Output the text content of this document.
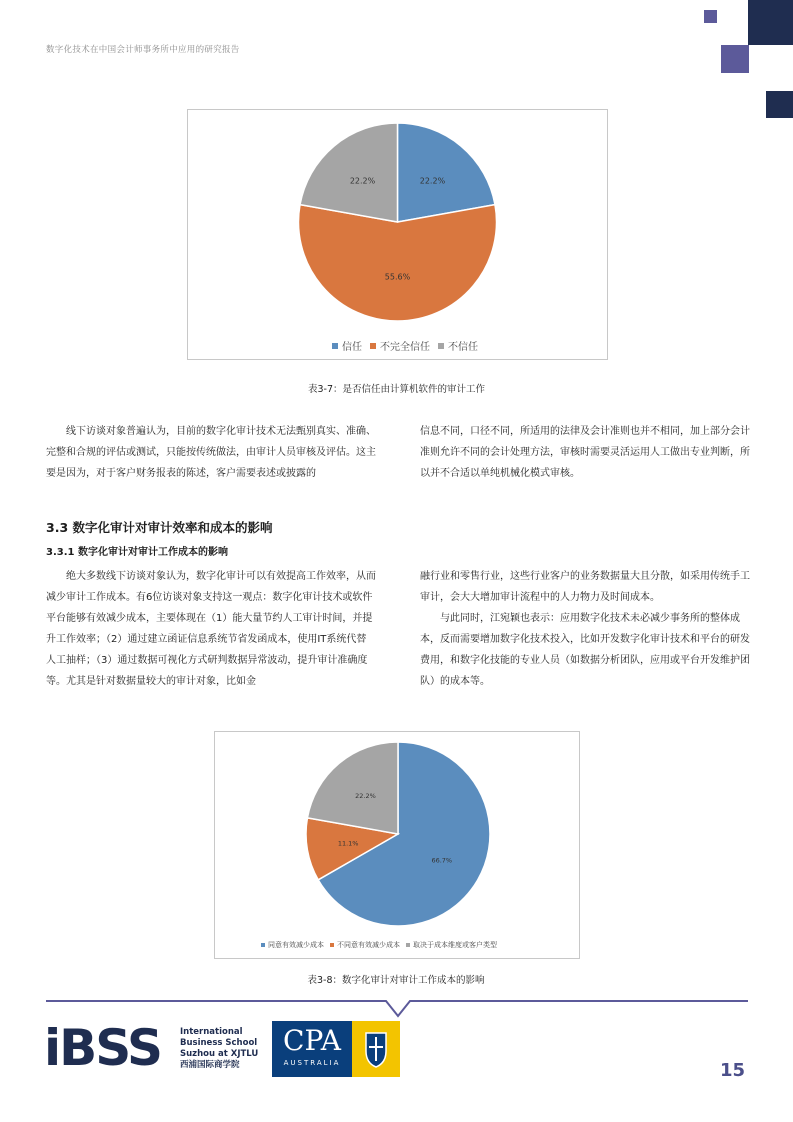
数字化技术在中国会计师事务所中应用的研究报告
22.2%
55.6%
22.2%
信任 不完全信任 不信任
表3-7：是否信任由计算机软件的审计工作

线下访谈对象普遍认为，目前的数字化审计技术无法甄别真实、准确、完整和合规的评估或测试，只能按传统做法，由审计人员审核及评估。这主要是因为，对于客户财务报表的陈述，客户需要表述或披露的

信息不同，口径不同，所适用的法律及会计准则也并不相同，加上部分会计准则允许不同的会计处理方法，审核时需要灵活运用人工做出专业判断，所以并不合适以单纯机械化模式审核。

3.3 数字化审计对审计效率和成本的影响
3.3.1 数字化审计对审计工作成本的影响

绝大多数线下访谈对象认为，数字化审计可以有效提高工作效率，从而减少审计工作成本。有6位访谈对象支持这一观点：数字化审计技术或软件平台能够有效减少成本，主要体现在（1）能大量节约人工审计时间，并提升工作效率；（2）通过建立函证信息系统节省发函成本，使用IT系统代替人工抽样；（3）通过数据可视化方式研判数据异常波动，提升审计准确度等。尤其是针对数据量较大的审计对象，比如金

融行业和零售行业，这些行业客户的业务数据量大且分散，如采用传统手工审计，会大大增加审计流程中的人力物力及时间成本。

与此同时，江宛颖也表示：应用数字化技术未必减少事务所的整体成本，反而需要增加数字化技术投入，比如开发数字化审计技术和平台的研发费用，和数字化技能的专业人员（如数据分析团队，应用或平台开发维护团队）的成本等。

66.7%
11.1%
22.2%
同意有效减少成本 不同意有效减少成本 取决于成本维度或客户类型
表3-8：数字化审计对审计工作成本的影响
iBSS International
Business School
Suzhou at XJTLU
西浦国际商学院
CPA
AUSTRALIA	15
